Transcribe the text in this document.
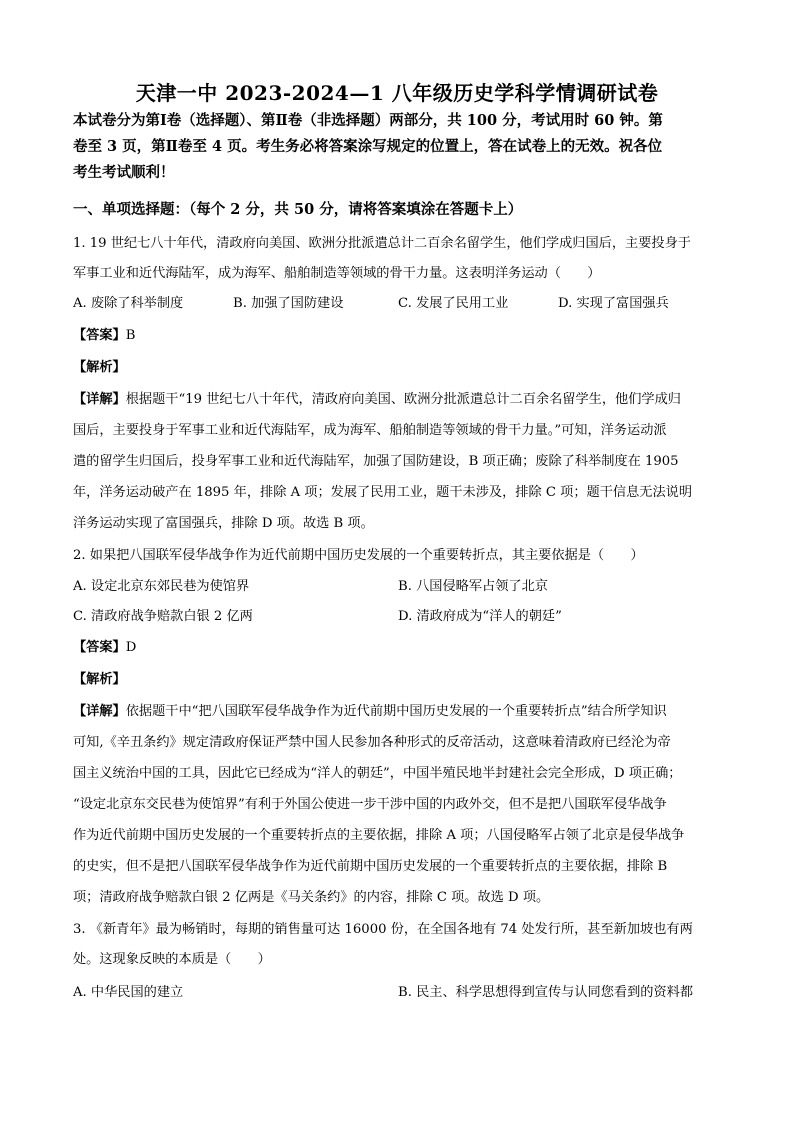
天津一中 2023-2024—1 八年级历史学科学情调研试卷
本试卷分为第Ⅰ卷（选择题）、第Ⅱ卷（非选择题）两部分，共 100 分，考试用时 60 钟。第
卷至 3 页，第Ⅱ卷至 4 页。考生务必将答案涂写规定的位置上，答在试卷上的无效。祝各位
考生考试顺利！
一、单项选择题：（每个 2 分，共 50 分，请将答案填涂在答题卡上）
1. 19 世纪七八十年代，清政府向美国、欧洲分批派遣总计二百余名留学生，他们学成归国后，主要投身于
军事工业和近代海陆军，成为海军、船舶制造等领域的骨干力量。这表明洋务运动（　　）
A. 废除了科举制度	B. 加强了国防建设	C. 发展了民用工业	D. 实现了富国强兵
【答案】B
【解析】
【详解】根据题干“19 世纪七八十年代，清政府向美国、欧洲分批派遣总计二百余名留学生，他们学成归
国后，主要投身于军事工业和近代海陆军，成为海军、船舶制造等领域的骨干力量。”可知，洋务运动派
遣的留学生归国后，投身军事工业和近代海陆军，加强了国防建设，B 项正确；废除了科举制度在 1905
年，洋务运动破产在 1895 年，排除 A 项；发展了民用工业，题干未涉及，排除 C 项；题干信息无法说明
洋务运动实现了富国强兵，排除 D 项。故选 B 项。
2. 如果把八国联军侵华战争作为近代前期中国历史发展的一个重要转折点，其主要依据是（　　）
A. 设定北京东郊民巷为使馆界	B. 八国侵略军占领了北京
C. 清政府战争赔款白银 2 亿两	D. 清政府成为“洋人的朝廷”
【答案】D
【解析】
【详解】依据题干中“把八国联军侵华战争作为近代前期中国历史发展的一个重要转折点”结合所学知识
可知,《辛丑条约》规定清政府保证严禁中国人民参加各种形式的反帝活动，这意味着清政府已经沦为帝
国主义统治中国的工具，因此它已经成为“洋人的朝廷”，中国半殖民地半封建社会完全形成，D 项正确；
“设定北京东交民巷为使馆界”有利于外国公使进一步干涉中国的内政外交，但不是把八国联军侵华战争
作为近代前期中国历史发展的一个重要转折点的主要依据，排除 A 项；八国侵略军占领了北京是侵华战争
的史实，但不是把八国联军侵华战争作为近代前期中国历史发展的一个重要转折点的主要依据，排除 B
项；清政府战争赔款白银 2 亿两是《马关条约》的内容，排除 C 项。故选 D 项。
3. 《新青年》最为畅销时，每期的销售量可达 16000 份，在全国各地有 74 处发行所，甚至新加坡也有两
处。这现象反映的本质是（　　）
A. 中华民国的建立	B. 民主、科学思想得到宣传与认同您看到的资料都
